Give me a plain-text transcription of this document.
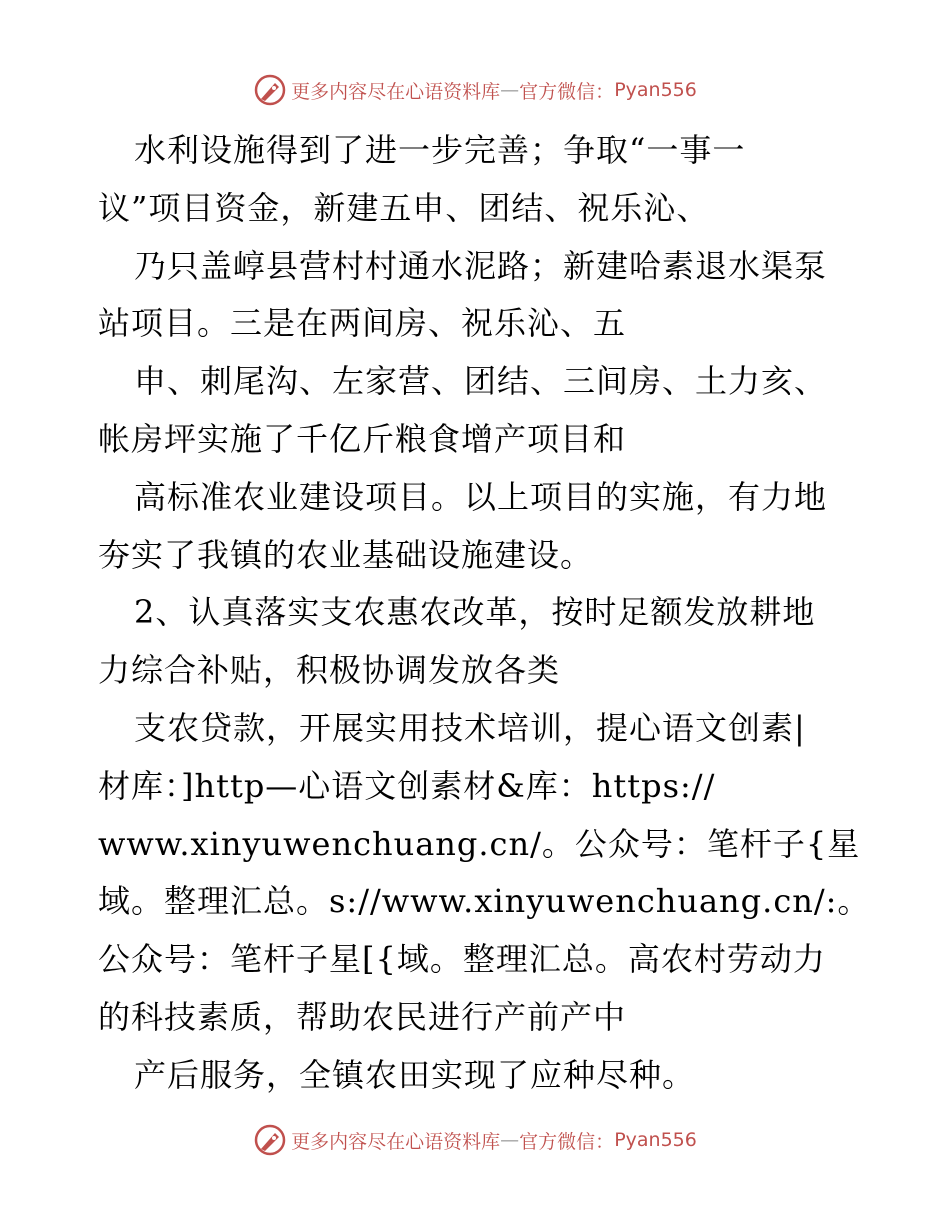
更多内容尽在心语资料库 — 官方微信： Pyan556
水利设施得到了进一步完善；争取“一事一
议”项目资金，新建五申、团结、祝乐沁、
乃只盖崞县营村村通水泥路；新建哈素退水渠泵
站项目。三是在两间房、祝乐沁、五
申、刺尾沟、左家营、团结、三间房、土力亥、
帐房坪实施了千亿斤粮食增产项目和
高标准农业建设项目。以上项目的实施，有力地
夯实了我镇的农业基础设施建设。
2、认真落实支农惠农改革，按时足额发放耕地
力综合补贴，积极协调发放各类
支农贷款，开展实用技术培训，提心语文创素|
材库：]http—心语文创素材&库：https://
www.xinyuwenchuang.cn/。公众号：笔杆子{星
域。整理汇总。s://www.xinyuwenchuang.cn/:。
公众号：笔杆子星[{域。整理汇总。高农村劳动力
的科技素质，帮助农民进行产前产中
产后服务，全镇农田实现了应种尽种。
更多内容尽在心语资料库 — 官方微信： Pyan556
